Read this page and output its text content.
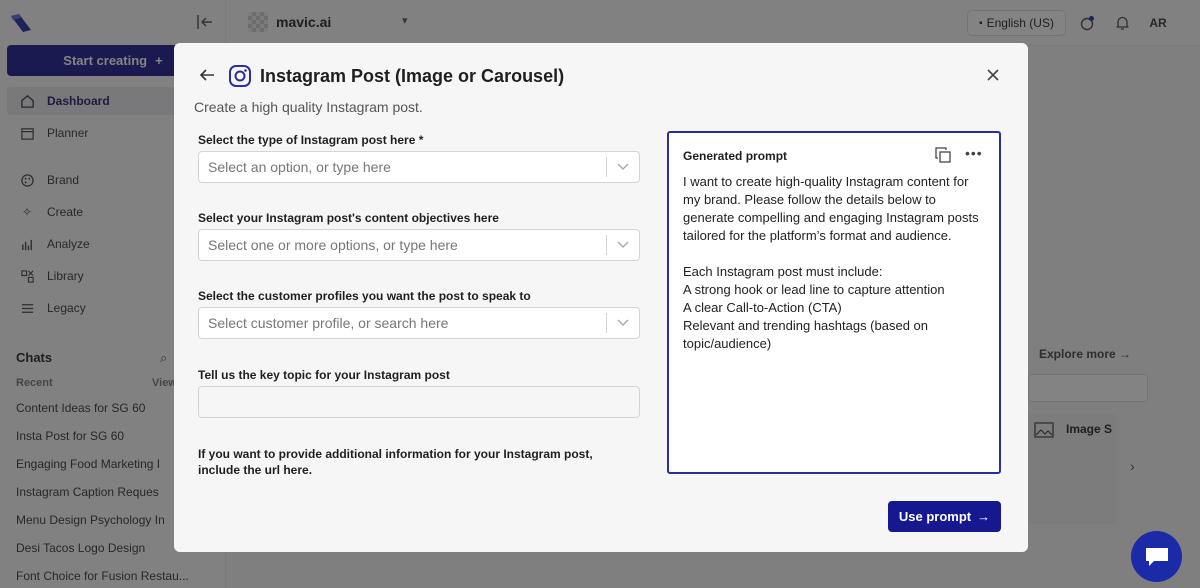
Instagram Post (Image or Carousel)
Create a high quality Instagram post.
Select the type of Instagram post here *
Select an option, or type here
Select your Instagram post's content objectives here
Select one or more options, or type here
Select the customer profiles you want the post to speak to
Select customer profile, or search here
Tell us the key topic for your Instagram post
If you want to provide additional information for your Instagram post, include the url here.
Generated prompt	•••
I want to create high-quality Instagram content for my brand. Please follow the details below to generate compelling and engaging Instagram posts tailored for the platform’s format and audience.

Each Instagram post must include:
A strong hook or lead line to capture attention
A clear Call-to-Action (CTA)
Relevant and trending hashtags (based on topic/audience)
Use prompt →
